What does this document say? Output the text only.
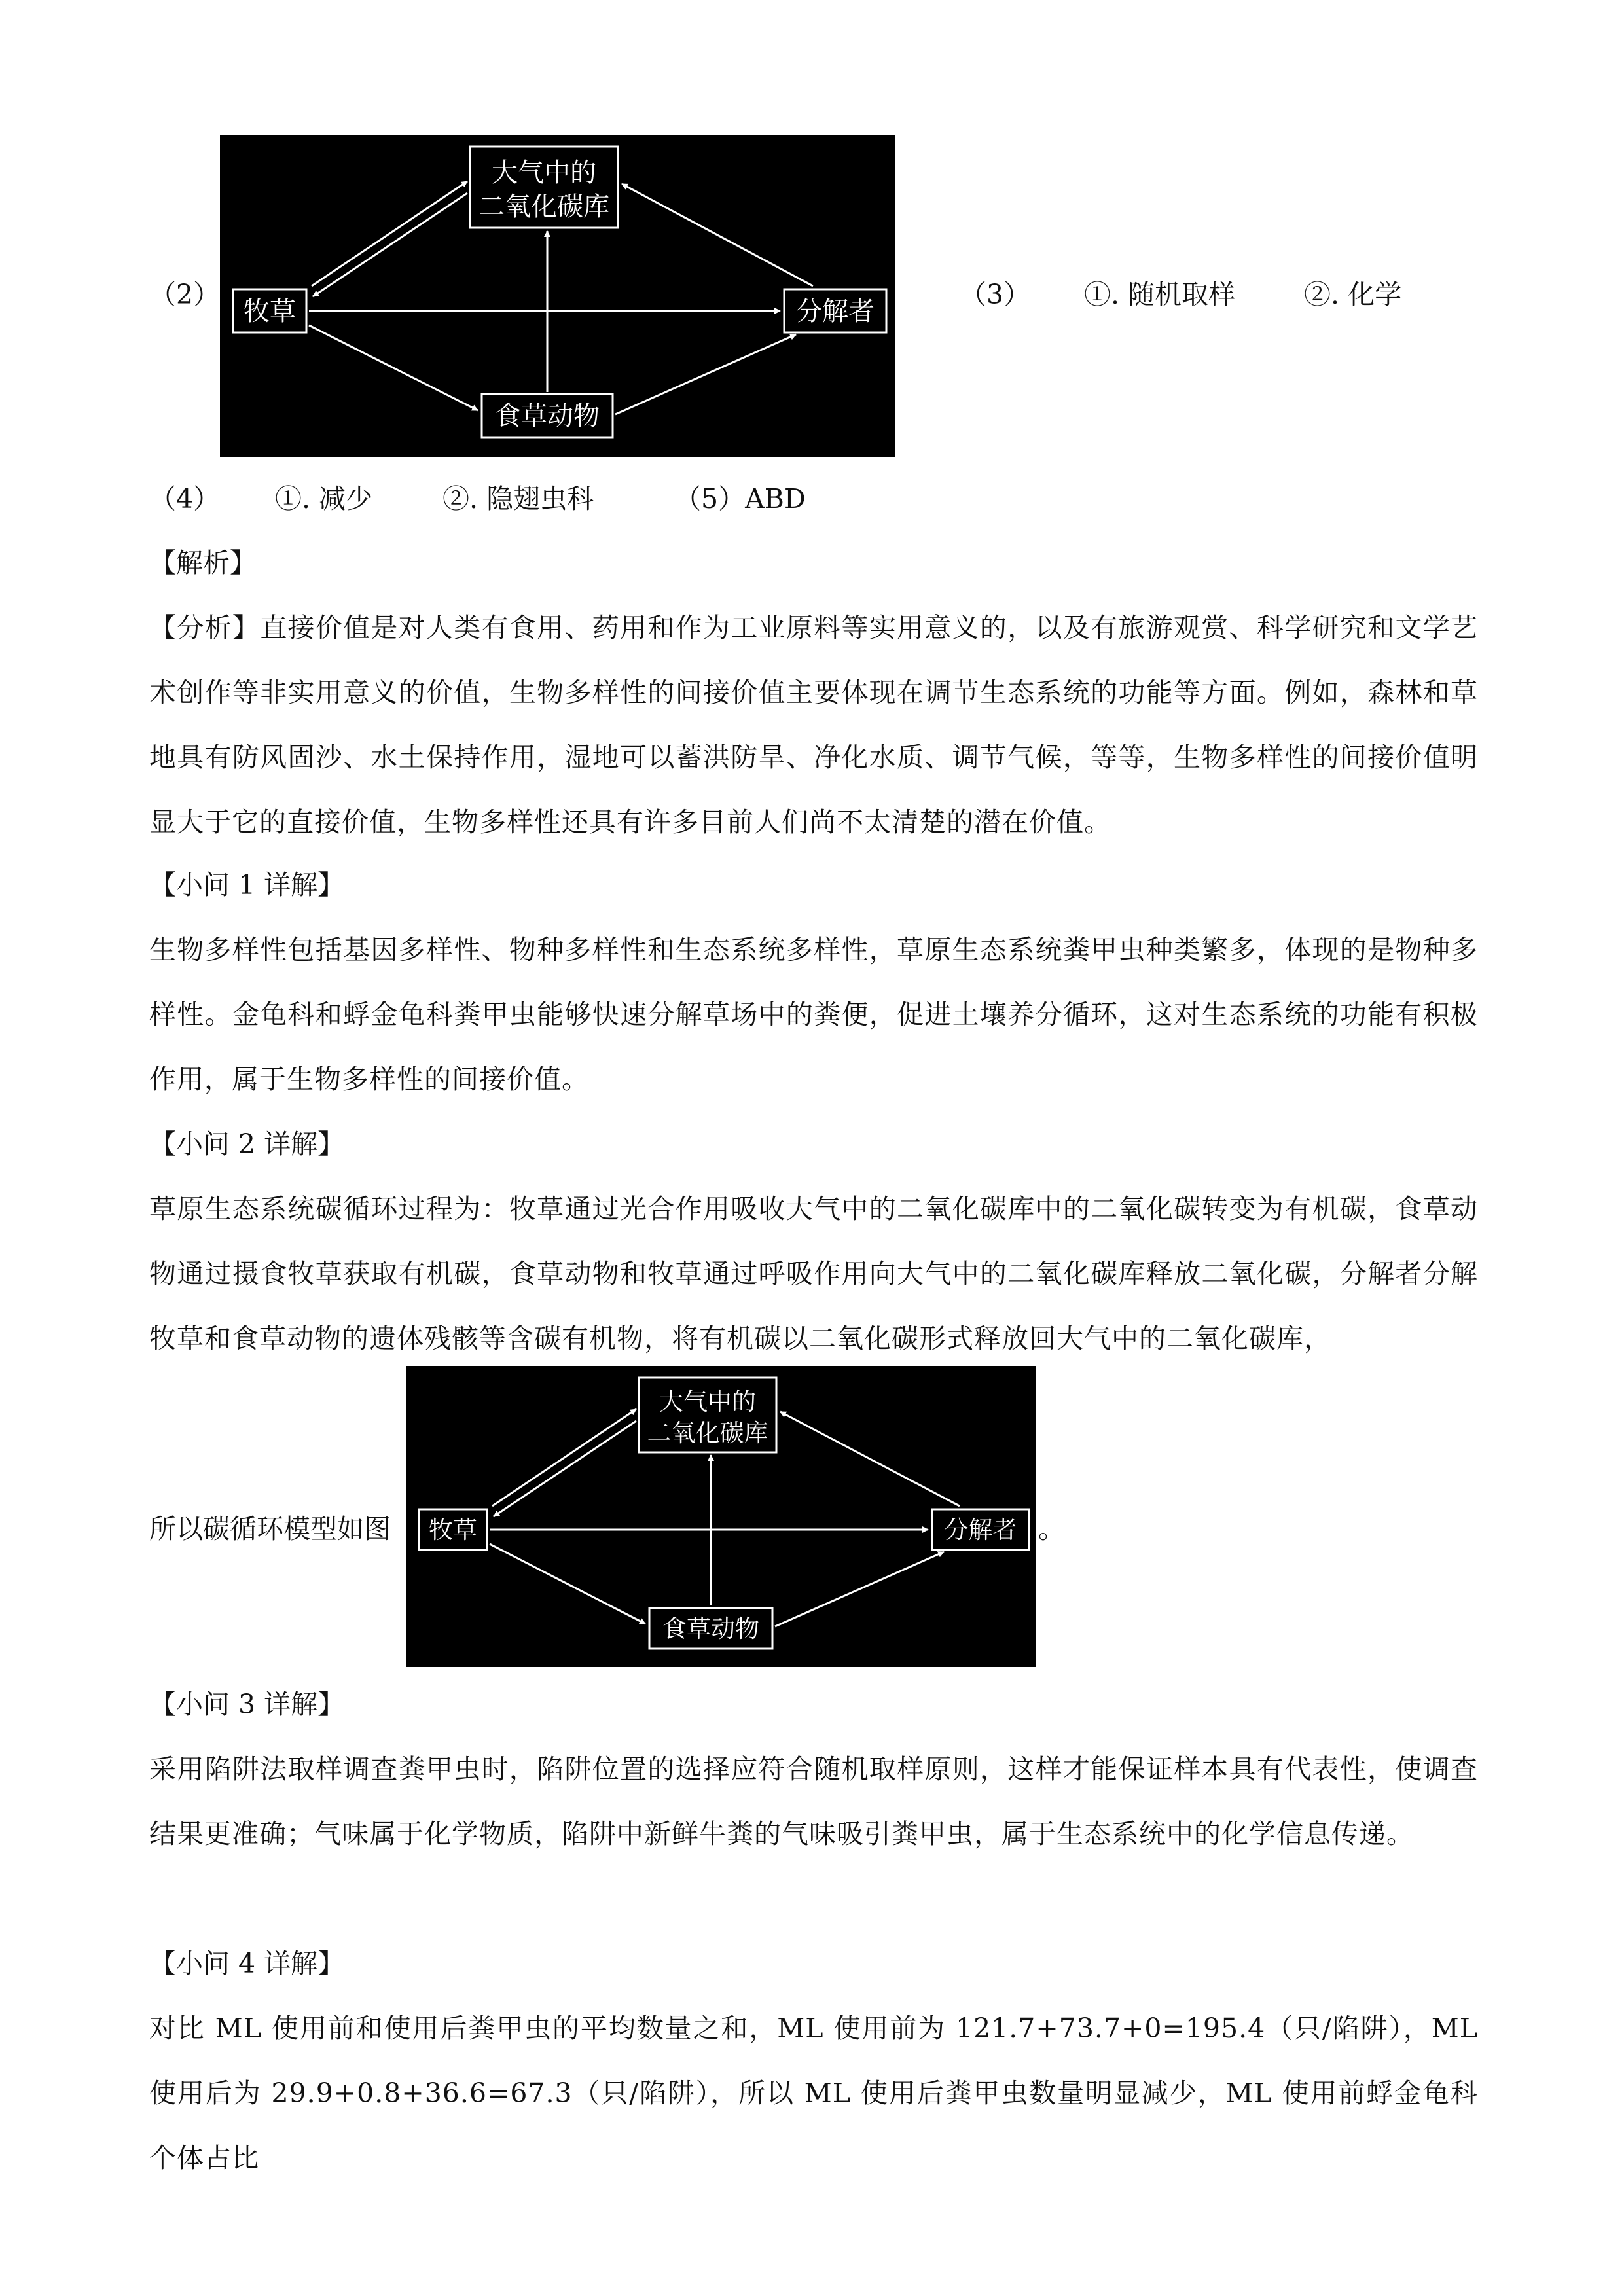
（2）
大气中的
二氧化碳库
牧草	分解者
食草动物
（3） ①. 随机取样	②. 化学
（4） ①. 减少	②. 隐翅虫科	（5）ABD
【解析】
【分析】直接价值是对人类有食用、药用和作为工业原料等实用意义的，以及有旅游观赏、科学研究和文学艺术创作等非实用意义的价值，生物多样性的间接价值主要体现在调节生态系统的功能等方面。例如，森林和草地具有防风固沙、水土保持作用，湿地可以蓄洪防旱、净化水质、调节气候，等等，生物多样性的间接价值明显大于它的直接价值，生物多样性还具有许多目前人们尚不太清楚的潜在价值。
【小问 1 详解】
生物多样性包括基因多样性、物种多样性和生态系统多样性，草原生态系统粪甲虫种类繁多，体现的是物种多样性。金龟科和蜉金龟科粪甲虫能够快速分解草场中的粪便，促进土壤养分循环，这对生态系统的功能有积极作用，属于生物多样性的间接价值。
【小问 2 详解】
草原生态系统碳循环过程为：牧草通过光合作用吸收大气中的二氧化碳库中的二氧化碳转变为有机碳，食草动物通过摄食牧草获取有机碳，食草动物和牧草通过呼吸作用向大气中的二氧化碳库释放二氧化碳，分解者分解牧草和食草动物的遗体残骸等含碳有机物，将有机碳以二氧化碳形式释放回大气中的二氧化碳库，
所以碳循环模型如图
大气中的
二氧化碳库
牧草	分解者
食草动物
。
【小问 3 详解】
采用陷阱法取样调查粪甲虫时，陷阱位置的选择应符合随机取样原则，这样才能保证样本具有代表性，使调查结果更准确；气味属于化学物质，陷阱中新鲜牛粪的气味吸引粪甲虫，属于生态系统中的化学信息传递。
【小问 4 详解】
对比 ML 使用前和使用后粪甲虫的平均数量之和，ML 使用前为 121.7+73.7+0=195.4（只/陷阱），ML 使用后为 29.9+0.8+36.6=67.3（只/陷阱），所以 ML 使用后粪甲虫数量明显减少，ML 使用前蜉金龟科个体占比
